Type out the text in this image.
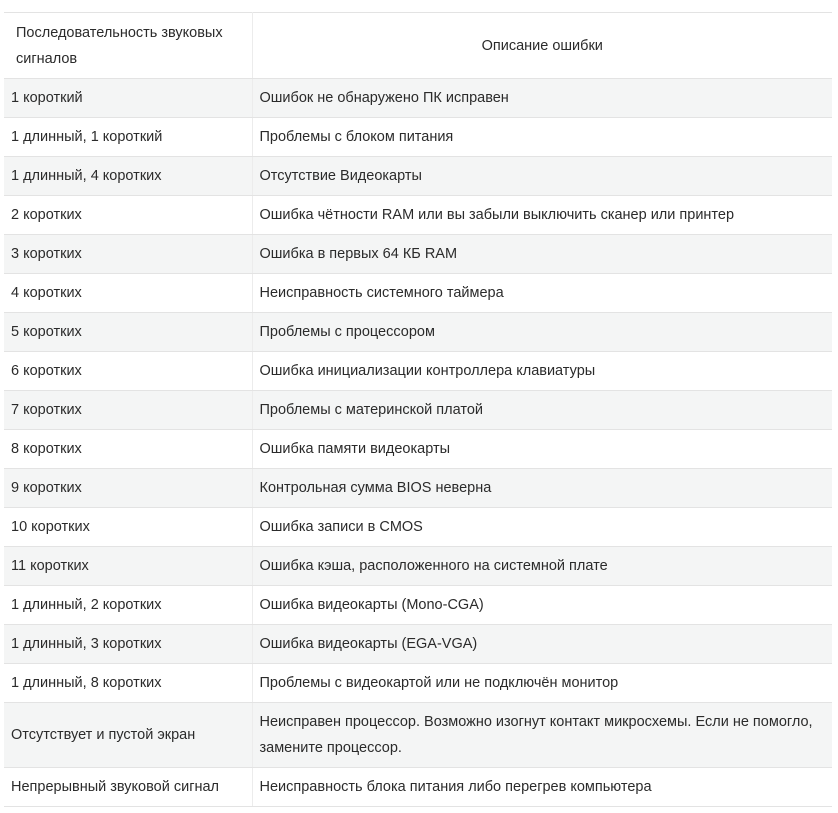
Последовательность звуковых сигналов	Описание ошибки
1 короткий	Ошибок не обнаружено ПК исправен
1 длинный, 1 короткий	Проблемы с блоком питания
1 длинный, 4 коротких	Отсутствие Видеокарты
2 коротких	Ошибка чётности RAM или вы забыли выключить сканер или принтер
3 коротких	Ошибка в первых 64 КБ RAM
4 коротких	Неисправность системного таймера
5 коротких	Проблемы с процессором
6 коротких	Ошибка инициализации контроллера клавиатуры
7 коротких	Проблемы с материнской платой
8 коротких	Ошибка памяти видеокарты
9 коротких	Контрольная сумма BIOS неверна
10 коротких	Ошибка записи в CMOS
11 коротких	Ошибка кэша, расположенного на системной плате
1 длинный, 2 коротких	Ошибка видеокарты (Mono-CGA)
1 длинный, 3 коротких	Ошибка видеокарты (EGA-VGA)
1 длинный, 8 коротких	Проблемы с видеокартой или не подключён монитор
Отсутствует и пустой экран	Неисправен процессор. Возможно изогнут контакт микросхемы. Если не помогло, замените процессор.
Непрерывный звуковой сигнал	Неисправность блока питания либо перегрев компьютера
